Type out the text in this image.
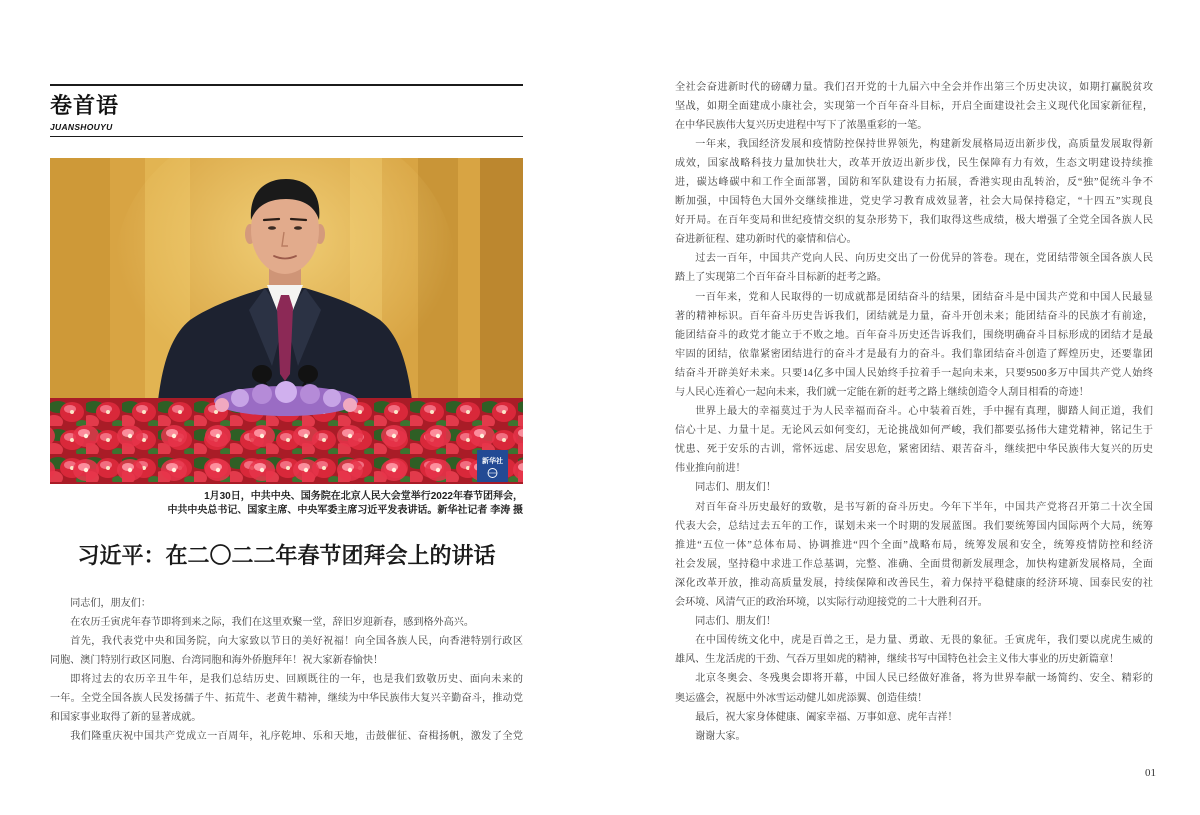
卷首语
JUANSHOUYU
新华社
1月30日，中共中央、国务院在北京人民大会堂举行2022年春节团拜会，
中共中央总书记、国家主席、中央军委主席习近平发表讲话。新华社记者 李涛 摄
习近平：在二〇二二年春节团拜会上的讲话
同志们，朋友们：
在农历壬寅虎年春节即将到来之际，我们在这里欢聚一堂，辞旧岁迎新春，感到格外高兴。
首先，我代表党中央和国务院，向大家致以节日的美好祝福！向全国各族人民，向香港特别行政区
同胞、澳门特别行政区同胞、台湾同胞和海外侨胞拜年！祝大家新春愉快！
即将过去的农历辛丑牛年，是我们总结历史、回顾既往的一年，也是我们致敬历史、面向未来的
一年。全党全国各族人民发扬孺子牛、拓荒牛、老黄牛精神，继续为中华民族伟大复兴辛勤奋斗，推动党
和国家事业取得了新的显著成就。
我们隆重庆祝中国共产党成立一百周年，礼序乾坤、乐和天地，击鼓催征、奋楫扬帆，激发了全党
全社会奋进新时代的磅礴力量。我们召开党的十九届六中全会并作出第三个历史决议，如期打赢脱贫攻
坚战，如期全面建成小康社会，实现第一个百年奋斗目标，开启全面建设社会主义现代化国家新征程，
在中华民族伟大复兴历史进程中写下了浓墨重彩的一笔。
一年来，我国经济发展和疫情防控保持世界领先，构建新发展格局迈出新步伐，高质量发展取得新
成效，国家战略科技力量加快壮大，改革开放迈出新步伐，民生保障有力有效，生态文明建设持续推
进，碳达峰碳中和工作全面部署，国防和军队建设有力拓展，香港实现由乱转治，反“独”促统斗争不
断加强，中国特色大国外交继续推进，党史学习教育成效显著，社会大局保持稳定，“十四五”实现良
好开局。在百年变局和世纪疫情交织的复杂形势下，我们取得这些成绩，极大增强了全党全国各族人民
奋进新征程、建功新时代的豪情和信心。
过去一百年，中国共产党向人民、向历史交出了一份优异的答卷。现在，党团结带领全国各族人民
踏上了实现第二个百年奋斗目标新的赶考之路。
一百年来，党和人民取得的一切成就都是团结奋斗的结果，团结奋斗是中国共产党和中国人民最显
著的精神标识。百年奋斗历史告诉我们，团结就是力量，奋斗开创未来；能团结奋斗的民族才有前途，
能团结奋斗的政党才能立于不败之地。百年奋斗历史还告诉我们，围绕明确奋斗目标形成的团结才是最
牢固的团结，依靠紧密团结进行的奋斗才是最有力的奋斗。我们靠团结奋斗创造了辉煌历史，还要靠团
结奋斗开辟美好未来。只要14亿多中国人民始终手拉着手一起向未来，只要9500多万中国共产党人始终
与人民心连着心一起向未来，我们就一定能在新的赶考之路上继续创造令人刮目相看的奇迹！
世界上最大的幸福莫过于为人民幸福而奋斗。心中装着百姓，手中握有真理，脚踏人间正道，我们
信心十足、力量十足。无论风云如何变幻，无论挑战如何严峻，我们都要弘扬伟大建党精神，铭记生于
忧患、死于安乐的古训，常怀远虑、居安思危，紧密团结、艰苦奋斗，继续把中华民族伟大复兴的历史
伟业推向前进！
同志们、朋友们！
对百年奋斗历史最好的致敬，是书写新的奋斗历史。今年下半年，中国共产党将召开第二十次全国
代表大会，总结过去五年的工作，谋划未来一个时期的发展蓝图。我们要统筹国内国际两个大局，统筹
推进“五位一体”总体布局、协调推进“四个全面”战略布局，统筹发展和安全，统筹疫情防控和经济
社会发展，坚持稳中求进工作总基调，完整、准确、全面贯彻新发展理念，加快构建新发展格局，全面
深化改革开放，推动高质量发展，持续保障和改善民生，着力保持平稳健康的经济环境、国泰民安的社
会环境、风清气正的政治环境，以实际行动迎接党的二十大胜利召开。
同志们、朋友们！
在中国传统文化中，虎是百兽之王，是力量、勇敢、无畏的象征。壬寅虎年，我们要以虎虎生威的
雄风、生龙活虎的干劲、气吞万里如虎的精神，继续书写中国特色社会主义伟大事业的历史新篇章！
北京冬奥会、冬残奥会即将开幕，中国人民已经做好准备，将为世界奉献一场简约、安全、精彩的
奥运盛会，祝愿中外冰雪运动健儿如虎添翼、创造佳绩！
最后，祝大家身体健康、阖家幸福、万事如意、虎年吉祥！
谢谢大家。
01
